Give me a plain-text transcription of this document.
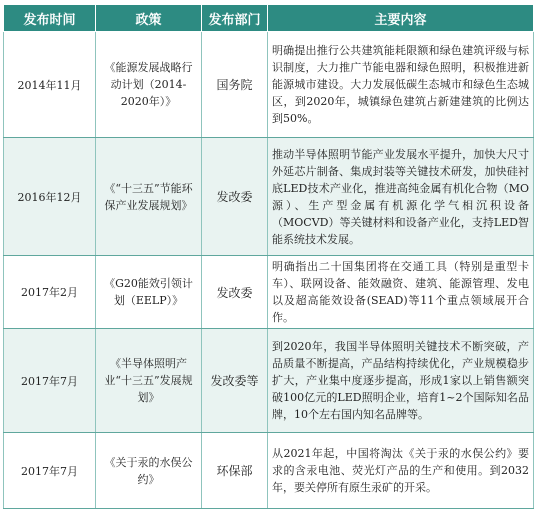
发布时间	政策	发布部门	主要内容
2014年11月	《能源发展战略行动计划（2014-2020年）》	国务院	明确提出推行公共建筑能耗限额和绿色建筑评级与标识制度，大力推广节能电器和绿色照明，积极推进新能源城市建设。大力发展低碳生态城市和绿色生态城区，到2020年，城镇绿色建筑占新建建筑的比例达到50%。
2016年12月	《“十三五”节能环保产业发展规划》	发改委	推动半导体照明节能产业发展水平提升，加快大尺寸外延芯片制备、集成封装等关键技术研发，加快硅衬底LED技术产业化，推进高纯金属有机化合物（MO源）、生产型金属有机源化学气相沉积设备（MOCVD）等关键材料和设备产业化，支持LED智能系统技术发展。
2017年2月	《G20能效引领计划（EELP）》	发改委	明确指出二十国集团将在交通工具（特别是重型卡车）、联网设备、能效融资、建筑、能源管理、发电以及超高能效设备(SEAD)等11个重点领域展开合作。
2017年7月	《半导体照明产业“十三五”发展规划》	发改委等	到2020年，我国半导体照明关键技术不断突破，产品质量不断提高，产品结构持续优化，产业规模稳步扩大，产业集中度逐步提高，形成1家以上销售额突破100亿元的LED照明企业，培育1~2个国际知名品牌，10个左右国内知名品牌等。
2017年7月	《关于汞的水俣公约》	环保部	从2021年起，中国将淘汰《关于汞的水俣公约》要求的含汞电池、荧光灯产品的生产和使用。到2032年，要关停所有原生汞矿的开采。
